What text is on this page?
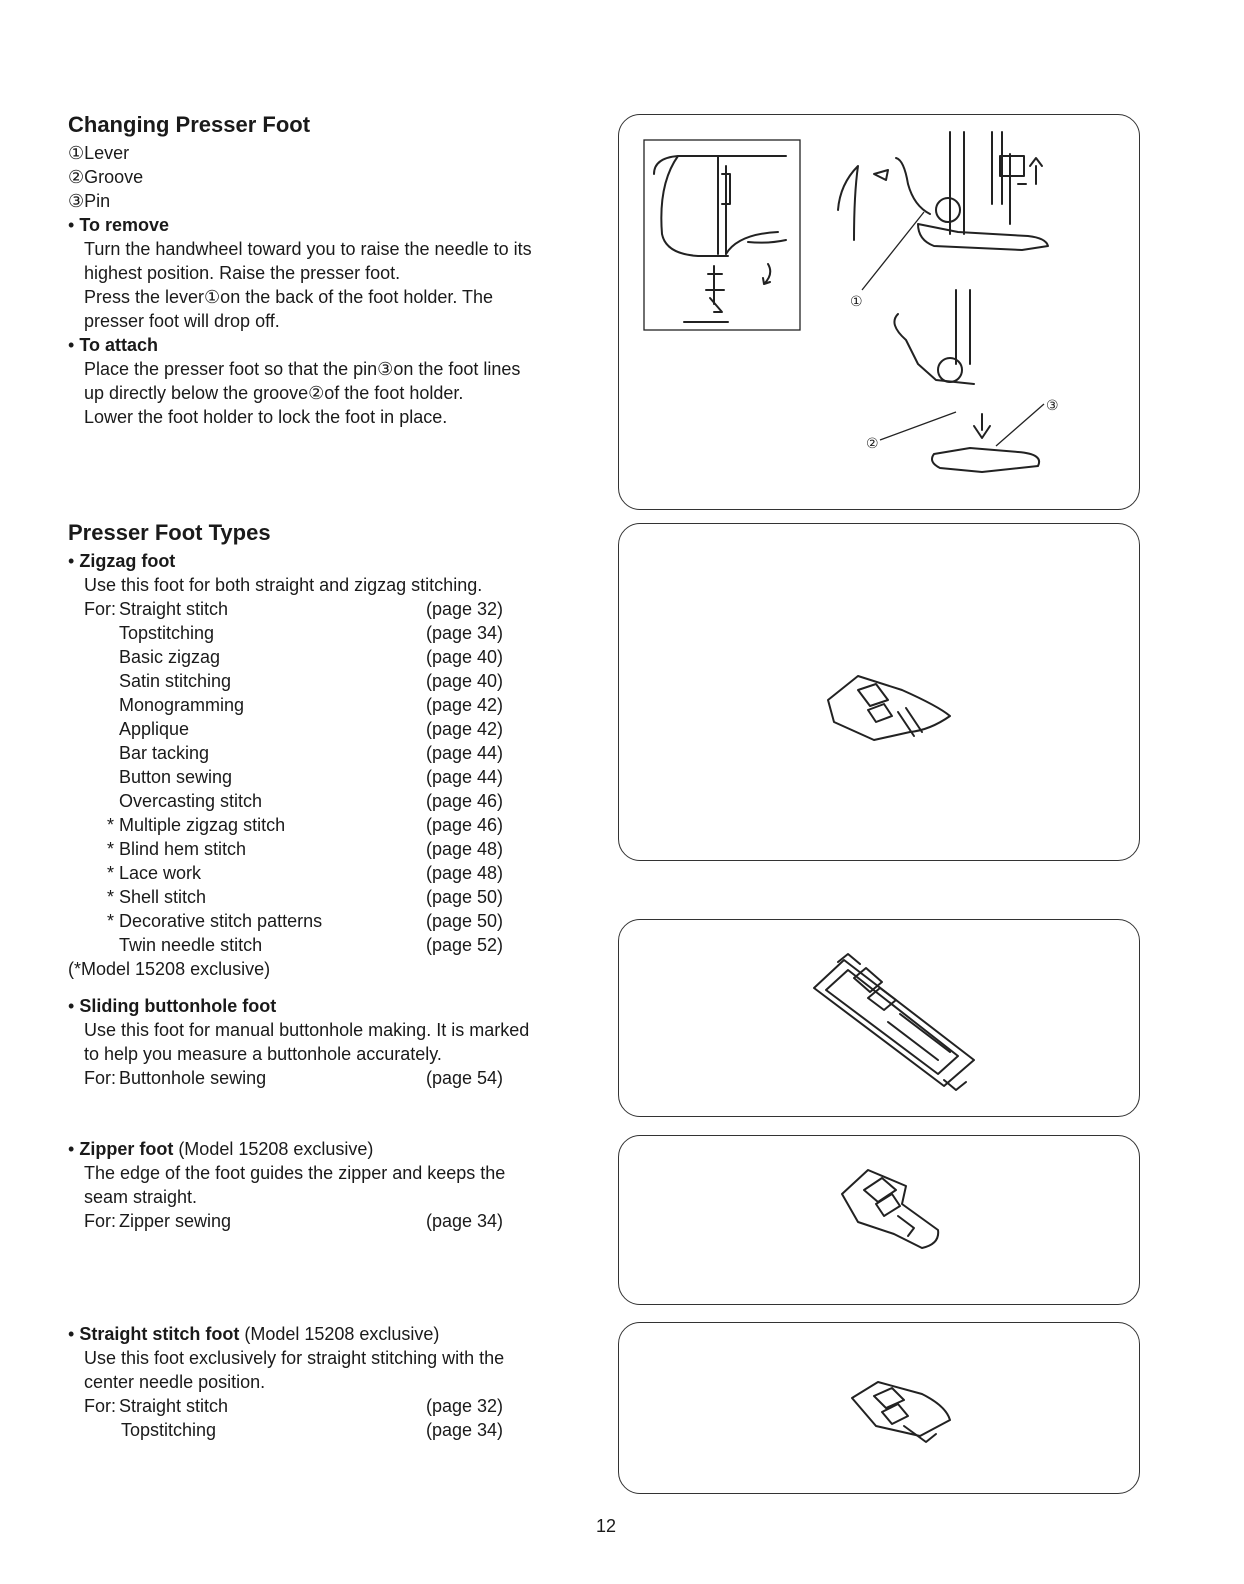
Changing Presser Foot
①Lever
②Groove
③Pin
• To remove
Turn the handwheel toward you to raise the needle to its
highest position. Raise the presser foot.
Press the lever①on the back of the foot holder. The
presser foot will drop off.
• To attach
Place the presser foot so that the pin③on the foot lines
up directly below the groove②of the foot holder.
Lower the foot holder to lock the foot in place.
①
②
③
Presser Foot Types
• Zigzag foot
Use this foot for both straight and zigzag stitching.
For: Straight stitch	(page 32)
Topstitching	(page 34)
Basic zigzag	(page 40)
Satin stitching	(page 40)
Monogramming	(page 42)
Applique	(page 42)
Bar tacking	(page 44)
Button sewing	(page 44)
Overcasting stitch	(page 46)
* Multiple zigzag stitch	(page 46)
* Blind hem stitch	(page 48)
* Lace work	(page 48)
* Shell stitch	(page 50)
* Decorative stitch patterns	(page 50)
Twin needle stitch	(page 52)
(*Model 15208 exclusive)
• Sliding buttonhole foot
Use this foot for manual buttonhole making. It is marked
to help you measure a buttonhole accurately.
For: Buttonhole sewing	(page 54)
• Zipper foot (Model 15208 exclusive)
The edge of the foot guides the zipper and keeps the
seam straight.
For: Zipper sewing	(page 34)
• Straight stitch foot (Model 15208 exclusive)
Use this foot exclusively for straight stitching with the
center needle position.
For: Straight stitch	(page 32)
Topstitching	(page 34)
12
